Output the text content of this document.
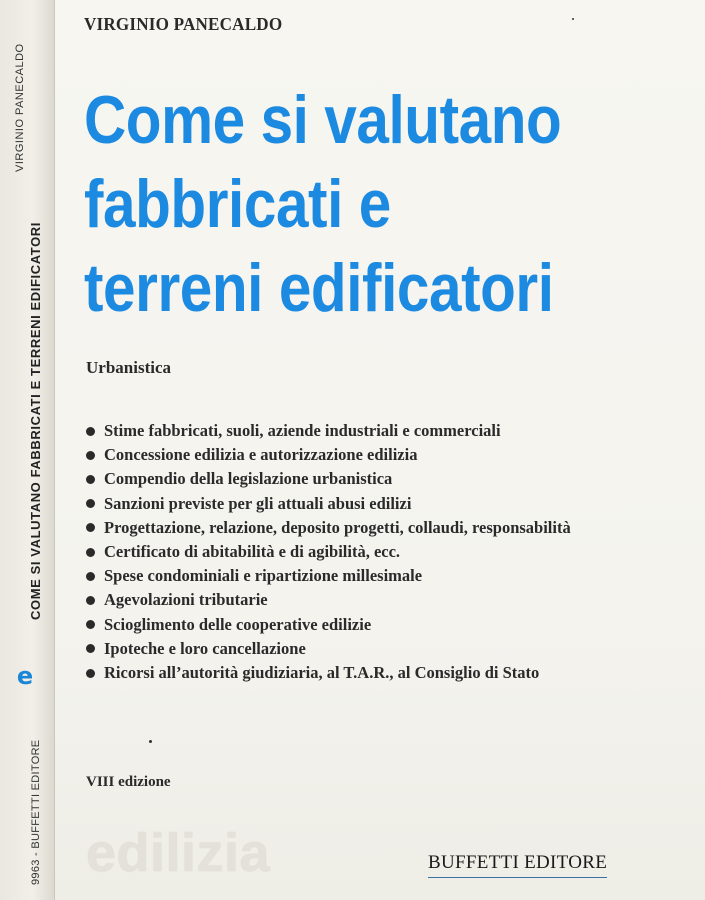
VIRGINIO PANECALDO
COME SI VALUTANO FABBRICATI E TERRENI EDIFICATORI
e
9963 - BUFFETTI EDITORE
VIRGINIO PANECALDO
Come si valutano
fabbricati e
terreni edificatori
Urbanistica
Stime fabbricati, suoli, aziende industriali e commerciali
Concessione edilizia e autorizzazione edilizia
Compendio della legislazione urbanistica
Sanzioni previste per gli attuali abusi edilizi
Progettazione, relazione, deposito progetti, collaudi, responsabilità
Certificato di abitabilità e di agibilità, ecc.
Spese condominiali e ripartizione millesimale
Agevolazioni tributarie
Scioglimento delle cooperative edilizie
Ipoteche e loro cancellazione
Ricorsi all’autorità giudiziaria, al T.A.R., al Consiglio di Stato
VIII edizione
edilizia	BUFFETTI EDITORE
